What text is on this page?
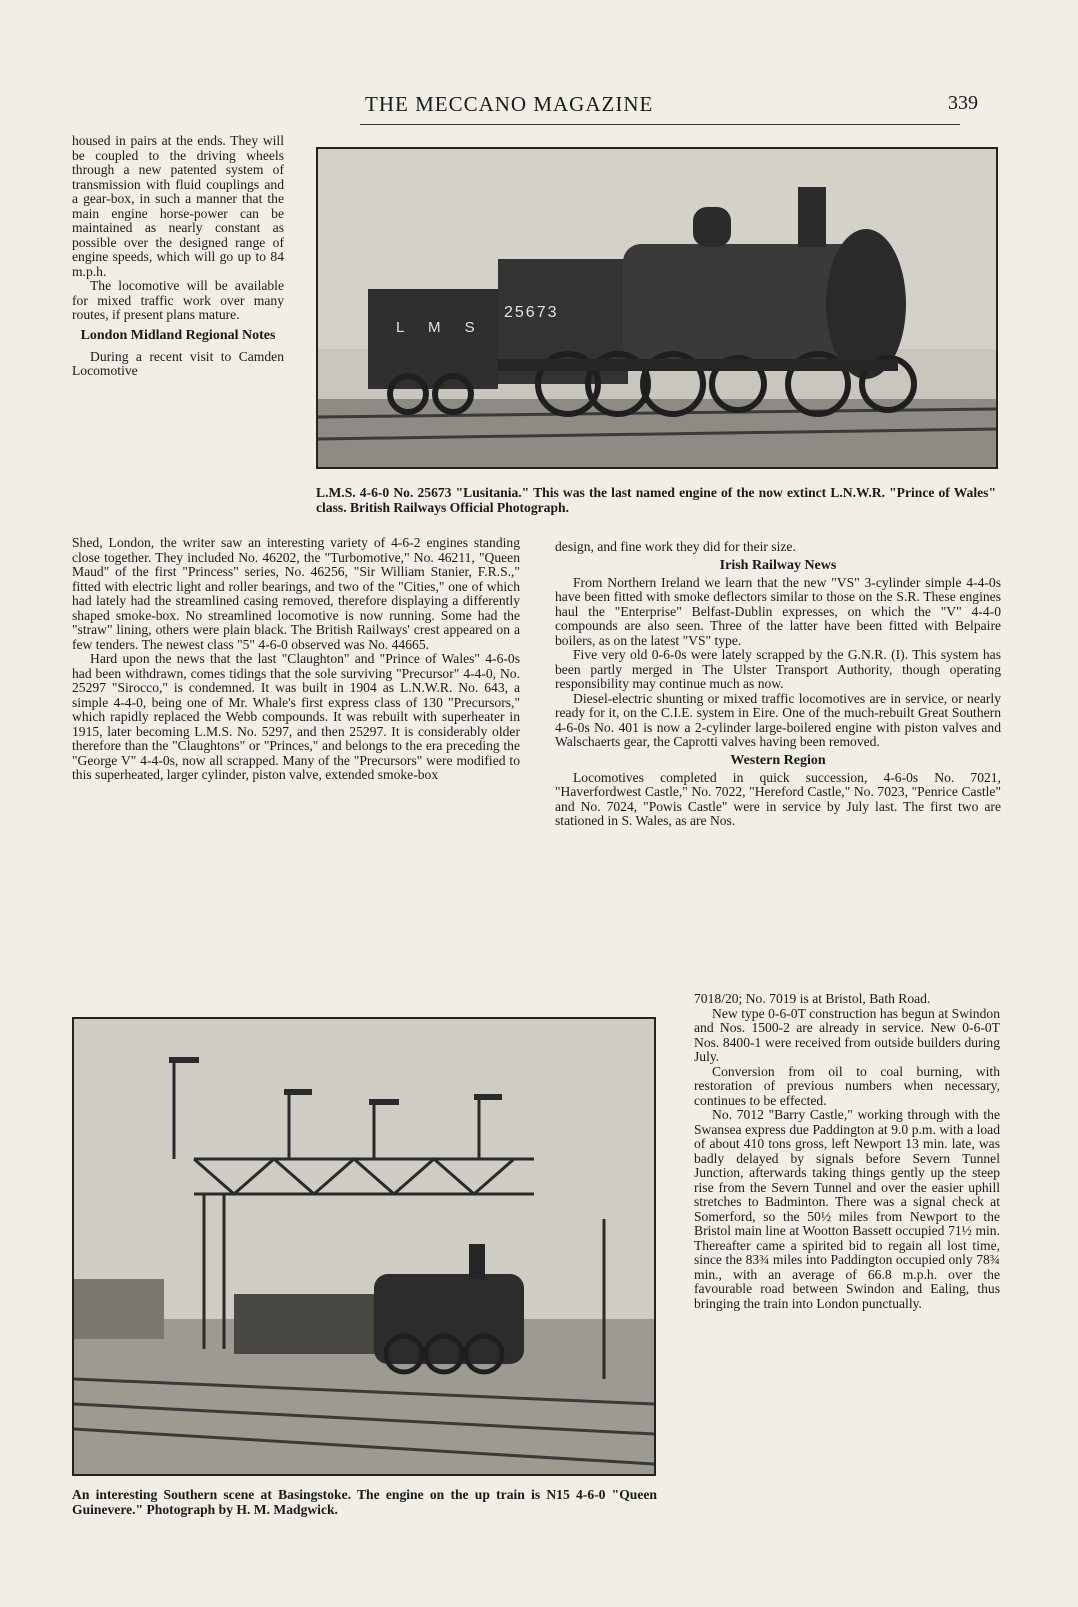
THE MECCANO MAGAZINE	339

housed in pairs at the ends. They will be coupled to the driving wheels through a new patented system of transmission with fluid couplings and a gear-box, in such a manner that the main engine horse-power can be maintained as nearly constant as possible over the designed range of engine speeds, which will go up to 84 m.p.h.

The locomotive will be available for mixed traffic work over many routes, if present plans mature.

London Midland Regional Notes

During a recent visit to Camden Locomotive

L M S
25673
L.M.S. 4-6-0 No. 25673 "Lusitania." This was the last named engine of the now extinct L.N.W.R. "Prince of Wales" class. British Railways Official Photograph.

Shed, London, the writer saw an interesting variety of 4-6-2 engines standing close together. They included No. 46202, the "Turbomotive," No. 46211, "Queen Maud" of the first "Princess" series, No. 46256, "Sir William Stanier, F.R.S.," fitted with electric light and roller bearings, and two of the "Cities," one of which had lately had the streamlined casing removed, therefore displaying a differently shaped smoke-box. No streamlined locomotive is now running. Some had the "straw" lining, others were plain black. The British Railways' crest appeared on a few tenders. The newest class "5" 4-6-0 observed was No. 44665.

Hard upon the news that the last "Claughton" and "Prince of Wales" 4-6-0s had been withdrawn, comes tidings that the sole surviving "Precursor" 4-4-0, No. 25297 "Sirocco," is condemned. It was built in 1904 as L.N.W.R. No. 643, a simple 4-4-0, being one of Mr. Whale's first express class of 130 "Precursors," which rapidly replaced the Webb compounds. It was rebuilt with superheater in 1915, later becoming L.M.S. No. 5297, and then 25297. It is considerably older therefore than the "Claughtons" or "Princes," and belongs to the era preceding the "George V" 4-4-0s, now all scrapped. Many of the "Precursors" were modified to this superheated, larger cylinder, piston valve, extended smoke-box

design, and fine work they did for their size.

Irish Railway News

From Northern Ireland we learn that the new "VS" 3-cylinder simple 4-4-0s have been fitted with smoke deflectors similar to those on the S.R. These engines haul the "Enterprise" Belfast-Dublin expresses, on which the "V" 4-4-0 compounds are also seen. Three of the latter have been fitted with Belpaire boilers, as on the latest "VS" type.

Five very old 0-6-0s were lately scrapped by the G.N.R. (I). This system has been partly merged in The Ulster Transport Authority, though operating responsibility may continue much as now.

Diesel-electric shunting or mixed traffic locomotives are in service, or nearly ready for it, on the C.I.E. system in Eire. One of the much-rebuilt Great Southern 4-6-0s No. 401 is now a 2-cylinder large-boilered engine with piston valves and Walschaerts gear, the Caprotti valves having been removed.

Western Region

Locomotives completed in quick succession, 4-6-0s No. 7021, "Haverfordwest Castle," No. 7022, "Hereford Castle," No. 7023, "Penrice Castle" and No. 7024, "Powis Castle" were in service by July last. The first two are stationed in S. Wales, as are Nos.

An interesting Southern scene at Basingstoke. The engine on the up train is N15 4-6-0 "Queen Guinevere." Photograph by H. M. Madgwick.

7018/20; No. 7019 is at Bristol, Bath Road.

New type 0-6-0T construction has begun at Swindon and Nos. 1500-2 are already in service. New 0-6-0T Nos. 8400-1 were received from outside builders during July.

Conversion from oil to coal burning, with restoration of previous numbers when necessary, continues to be effected.

No. 7012 "Barry Castle," working through with the Swansea express due Paddington at 9.0 p.m. with a load of about 410 tons gross, left Newport 13 min. late, was badly delayed by signals before Severn Tunnel Junction, afterwards taking things gently up the steep rise from the Severn Tunnel and over the easier uphill stretches to Badminton. There was a signal check at Somerford, so the 50½ miles from Newport to the Bristol main line at Wootton Bassett occupied 71½ min. Thereafter came a spirited bid to regain all lost time, since the 83¾ miles into Paddington occupied only 78¾ min., with an average of 66.8 m.p.h. over the favourable road between Swindon and Ealing, thus bringing the train into London punctually.
